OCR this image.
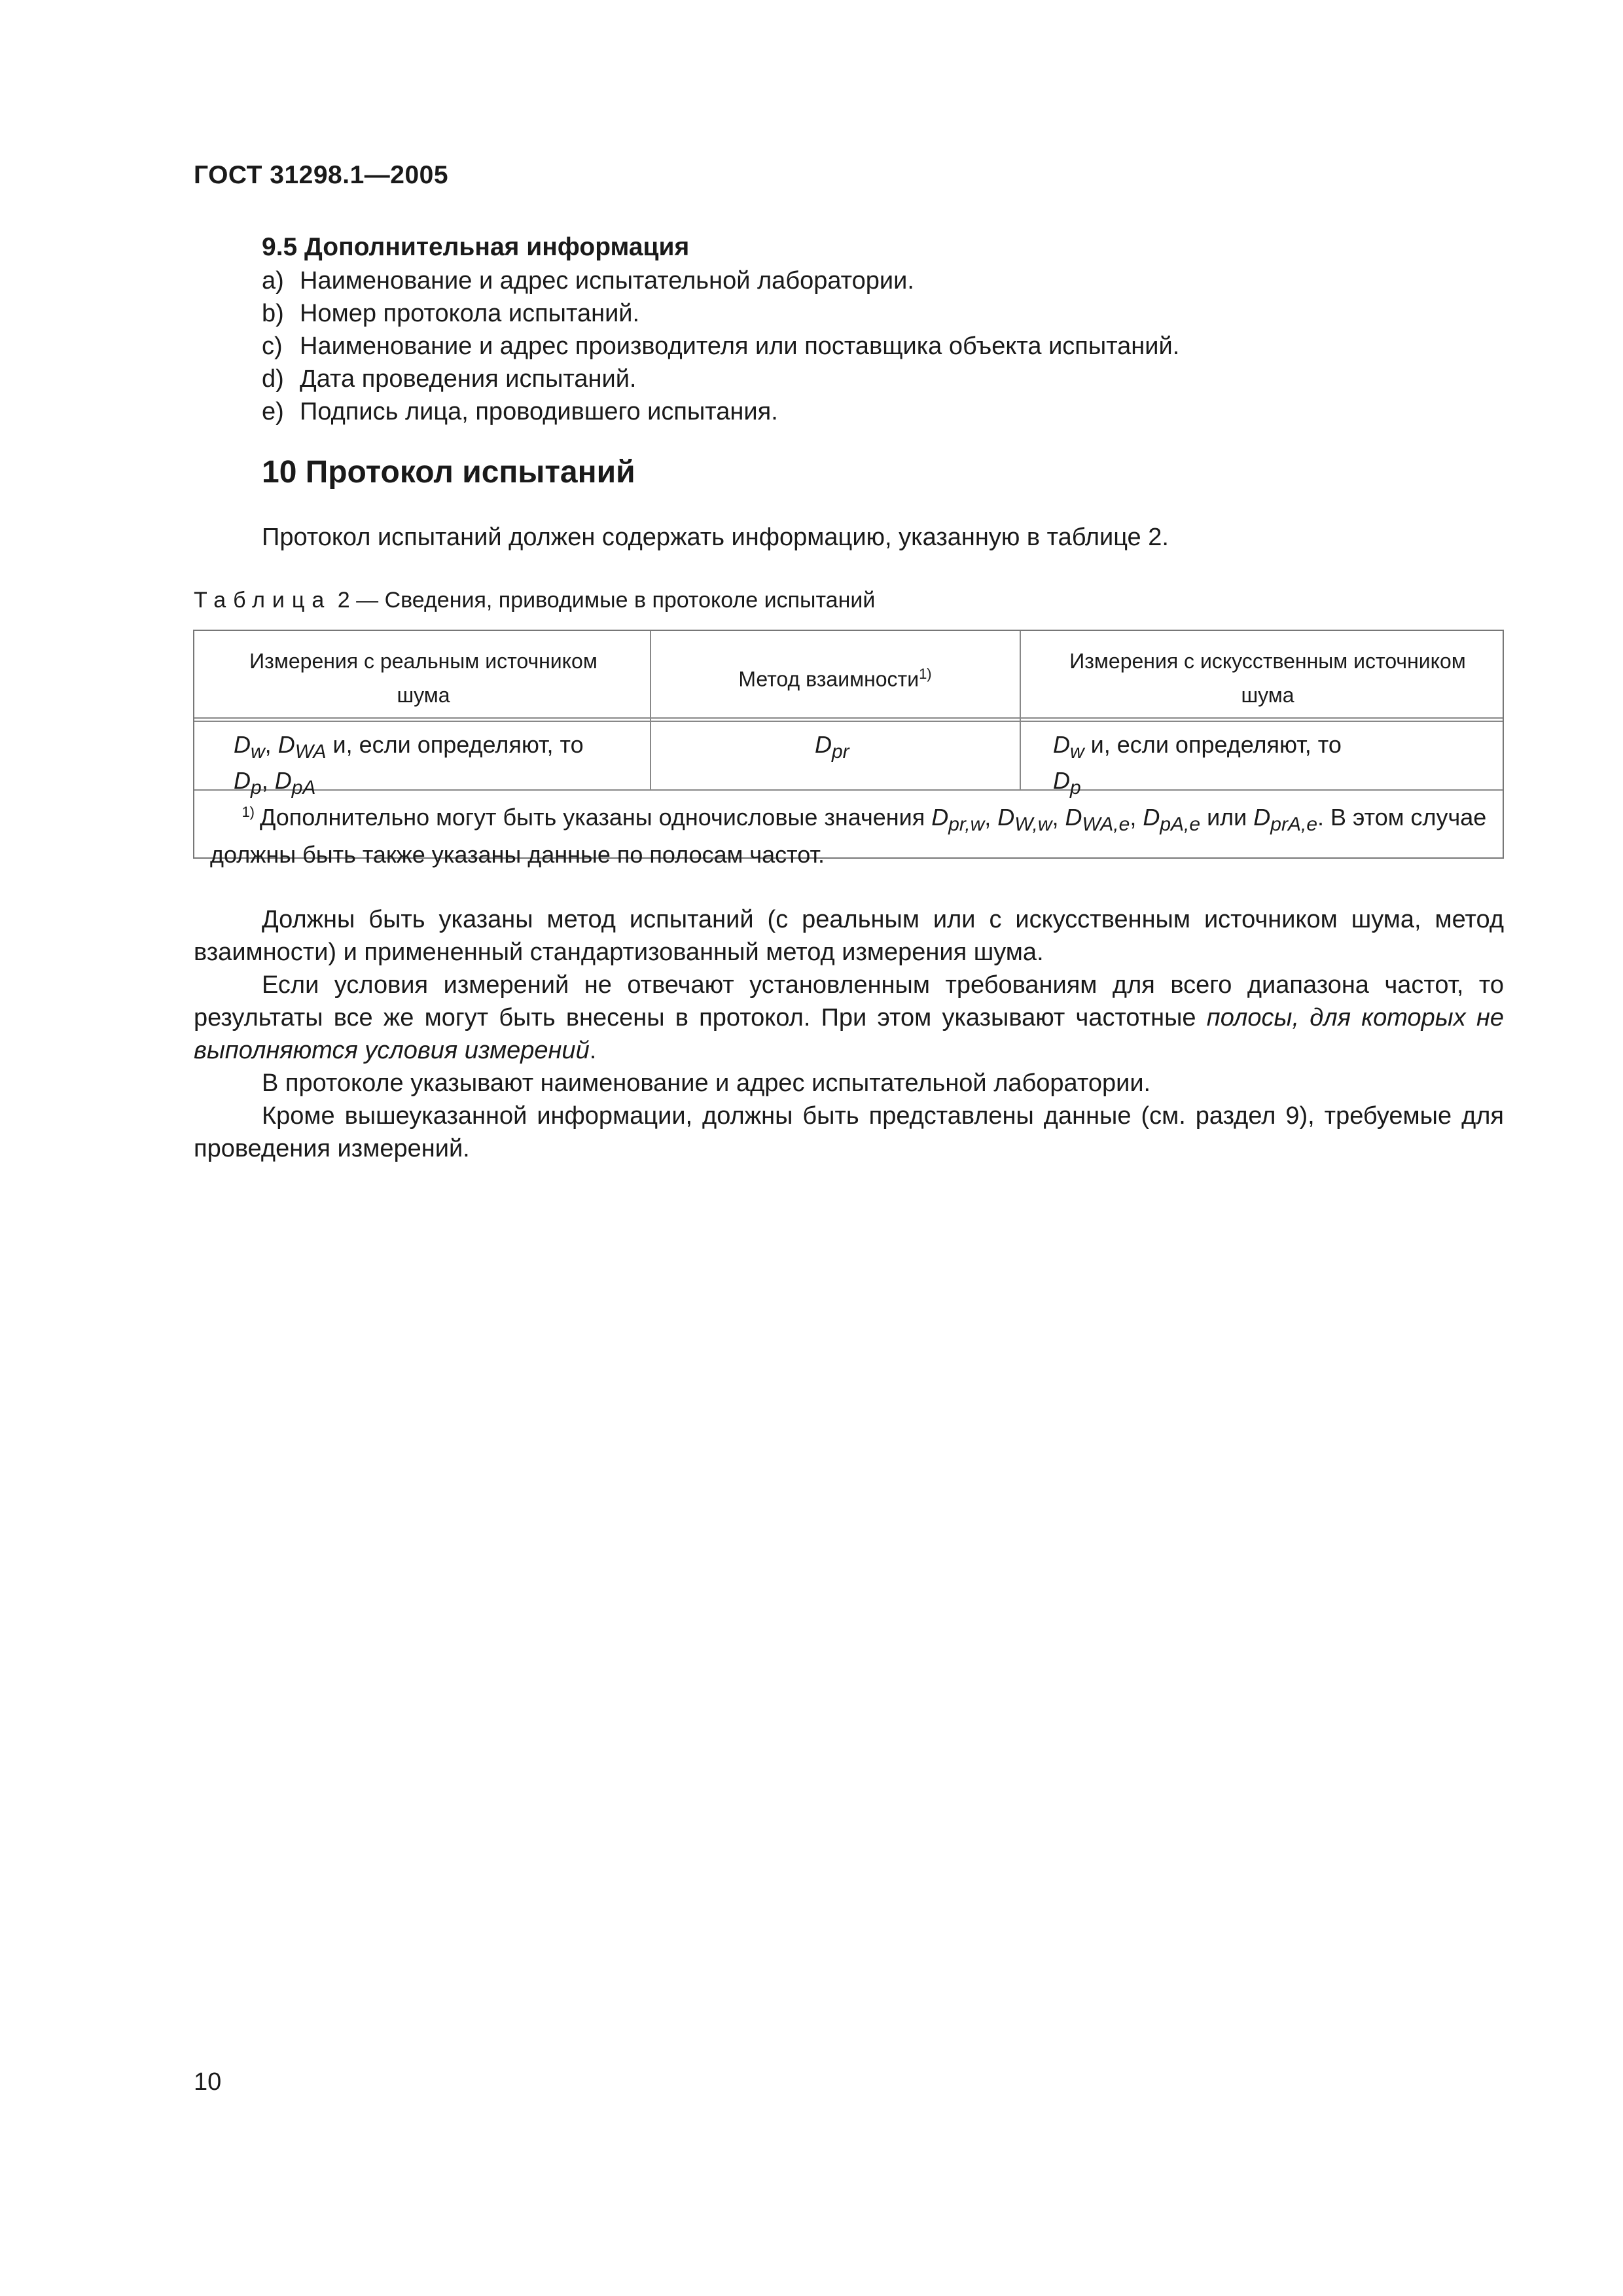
ГОСТ 31298.1—2005
9.5 Дополнительная информация
a) Наименование и адрес испытательной лаборатории.
b) Номер протокола испытаний.
c) Наименование и адрес производителя или поставщика объекта испытаний.
d) Дата проведения испытаний.
e) Подпись лица, проводившего испытания.
10 Протокол испытаний
Протокол испытаний должен содержать информацию, указанную в таблице 2.
Таблица 2 — Сведения, приводимые в протоколе испытаний
Измерения с реальным источником шума
Метод взаимности$^{1)}$
Измерения с искусственным источником шума
$D_w$, $D_{WA}$ и, если определяют, то
$D_p$, $D_{pA}$
$D_{pr}$	$D_w$ и, если определяют, то
$D_p$
$^{1)}$ Дополнительно могут быть указаны одночисловые значения $D_{pr,w}$, $D_{W,w}$, $D_{WA,e}$, $D_{pA,e}$ или $D_{prA,e}$. В этом случае должны быть также указаны данные по полосам частот.
Должны быть указаны метод испытаний (с реальным или с искусственным источником шума, метод взаимности) и примененный стандартизованный метод измерения шума.
Если условия измерений не отвечают установленным требованиям для всего диапазона частот, то результаты все же могут быть внесены в протокол. При этом указывают частотные полосы, для которых не выполняются условия измерений.
В протоколе указывают наименование и адрес испытательной лаборатории.
Кроме вышеуказанной информации, должны быть представлены данные (см. раздел 9), требуемые для проведения измерений.
10
